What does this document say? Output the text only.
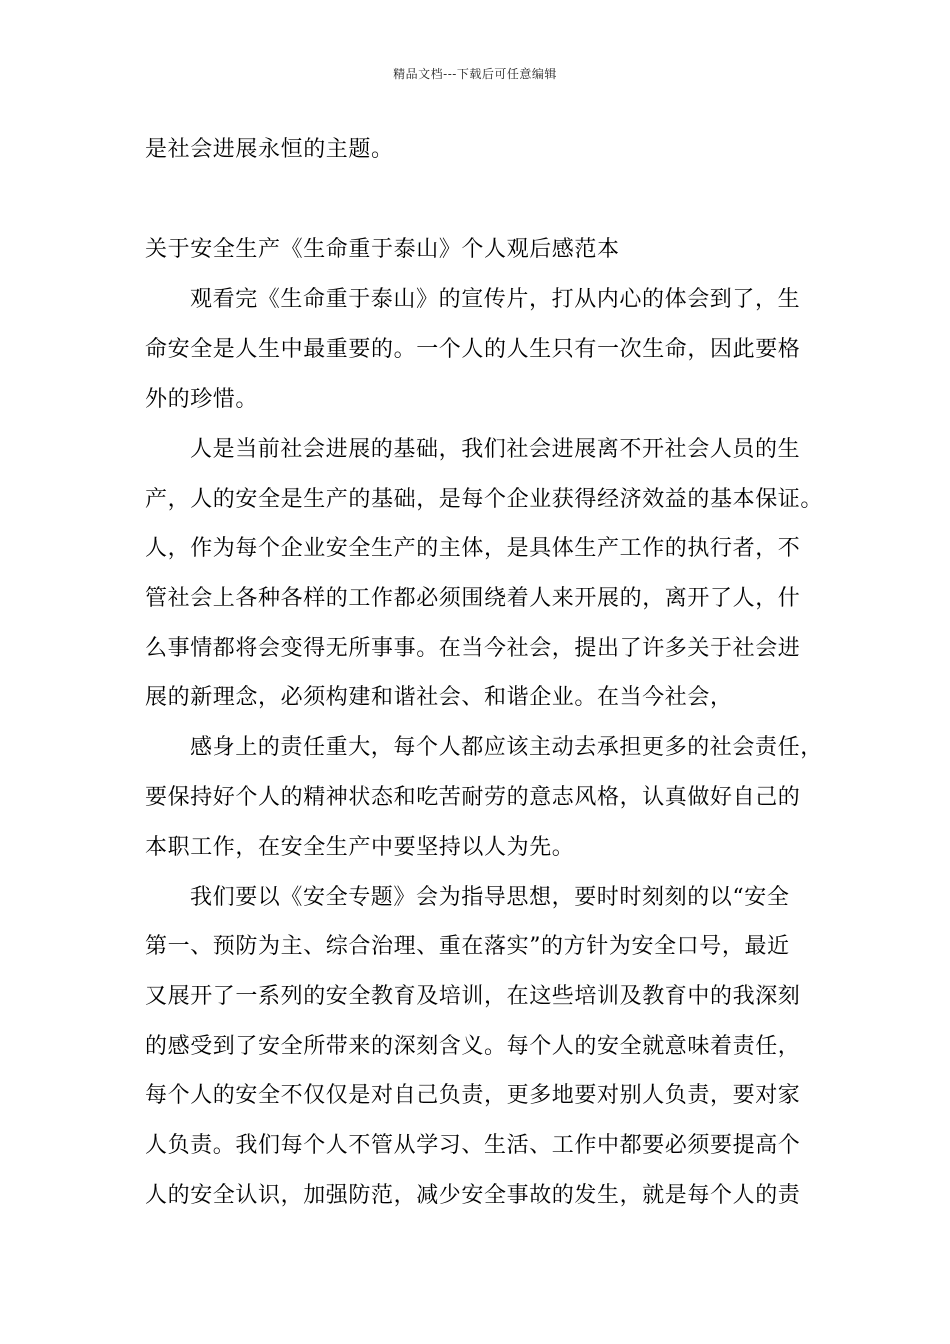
精品文档---下载后可任意编辑
是社会进展永恒的主题。
关于安全生产《生命重于泰山》个人观后感范本
观看完《生命重于泰山》的宣传片，打从内心的体会到了，生
命安全是人生中最重要的。一个人的人生只有一次生命，因此要格
外的珍惜。
人是当前社会进展的基础，我们社会进展离不开社会人员的生
产，人的安全是生产的基础，是每个企业获得经济效益的基本保证。
人，作为每个企业安全生产的主体，是具体生产工作的执行者，不
管社会上各种各样的工作都必须围绕着人来开展的，离开了人，什
么事情都将会变得无所事事。在当今社会，提出了许多关于社会进
展的新理念，必须构建和谐社会、和谐企业。在当今社会，
感身上的责任重大，每个人都应该主动去承担更多的社会责任，
要保持好个人的精神状态和吃苦耐劳的意志风格，认真做好自己的
本职工作，在安全生产中要坚持以人为先。
我们要以《安全专题》会为指导思想，要时时刻刻的以“安全
第一、预防为主、综合治理、重在落实”的方针为安全口号，最近
又展开了一系列的安全教育及培训，在这些培训及教育中的我深刻
的感受到了安全所带来的深刻含义。每个人的安全就意味着责任，
每个人的安全不仅仅是对自己负责，更多地要对别人负责，要对家
人负责。我们每个人不管从学习、生活、工作中都要必须要提高个
人的安全认识，加强防范，减少安全事故的发生，就是每个人的责
